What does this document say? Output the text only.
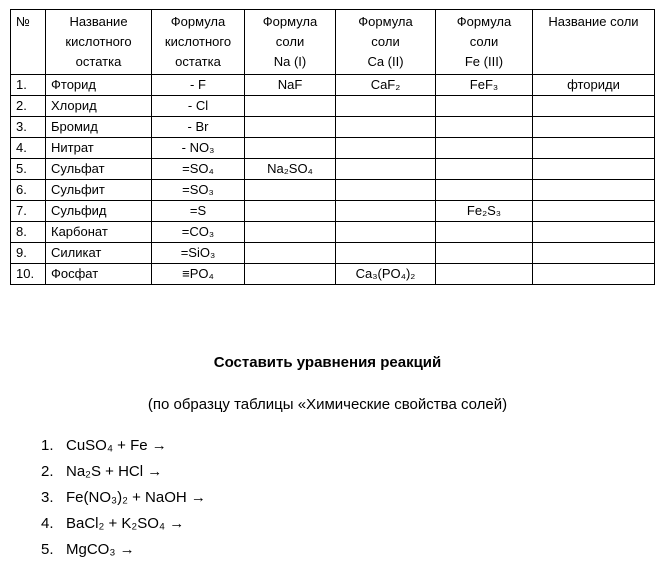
№	Название
кислотного
остатка	Формула
кислотного
остатка	Формула
соли
Na (I)	Формула
соли
Ca (II)	Формула
соли
Fe (III)	Название соли

1.	Фторид	- F	NaF	CaF₂	FeF₃	фториди
2.	Хлорид	- Cl				
3.	Бромид	- Br				
4.	Нитрат	- NO₃				
5.	Сульфат	=SO₄	Na₂SO₄			
6.	Сульфит	=SO₃				
7.	Сульфид	=S			Fe₂S₃	
8.	Карбонат	=CO₃				
9.	Силикат	=SiO₃				
10.	Фосфат	≡PO₄		Ca₃(PO₄)₂		
Составить уравнения реакций
(по образцу таблицы «Химические свойства солей)
1. CuSO₄ + Fe →
2. Na₂S + HCl →
3. Fe(NO₃)₂ + NaOH →
4. BaCl₂ + K₂SO₄ →
5. MgCO₃ →
